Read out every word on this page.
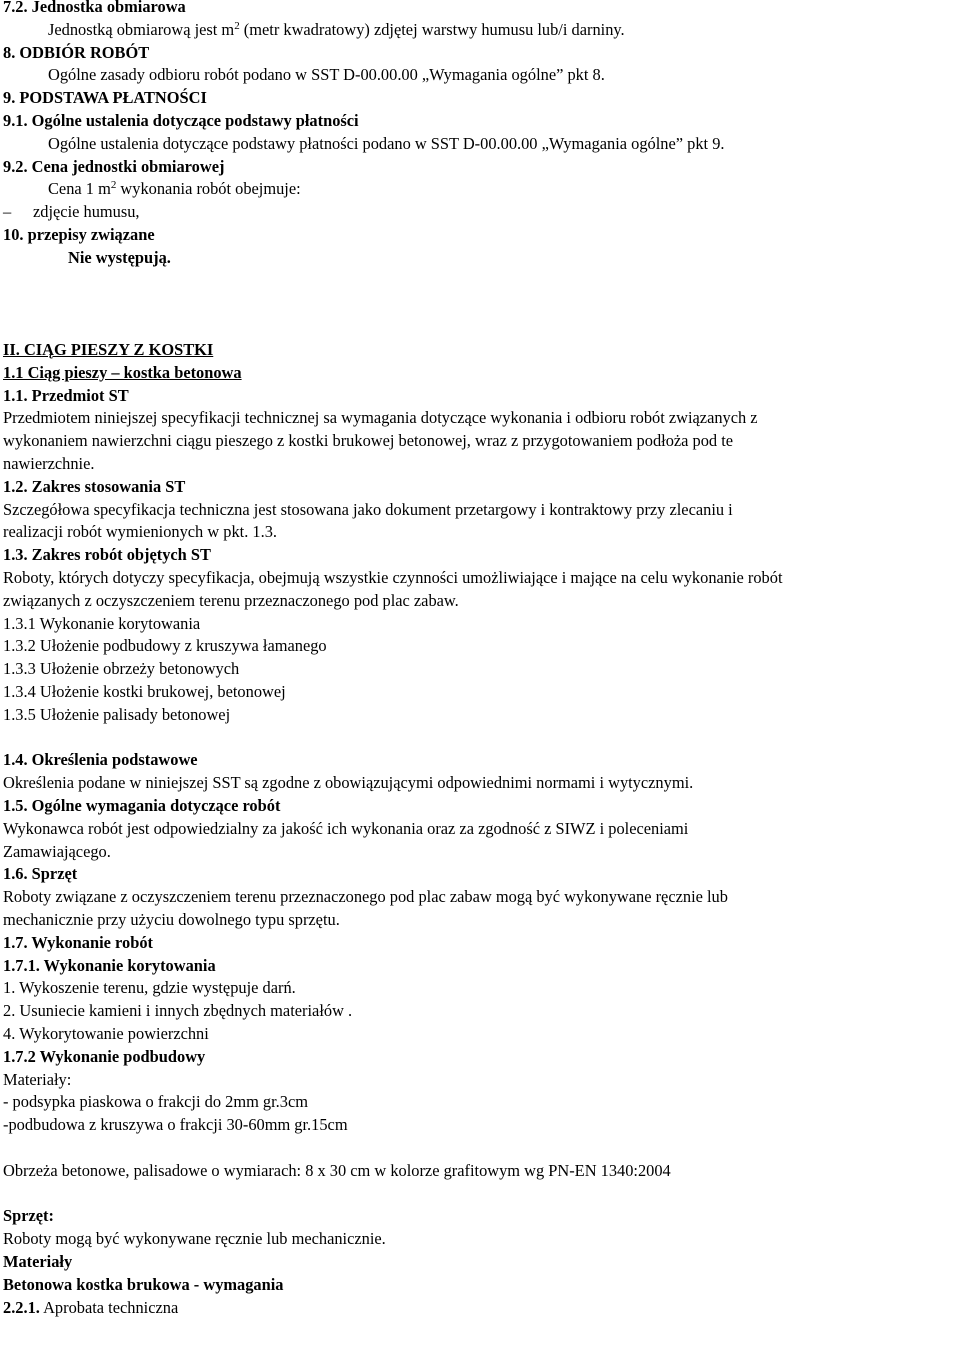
7.2. Jednostka obmiarowa
Jednostką obmiarową jest $m^2$ (metr kwadratowy) zdjętej warstwy humusu lub/i darniny.
8. ODBIÓR ROBÓT
Ogólne zasady odbioru robót podano w SST D-00.00.00 „Wymagania ogólne” pkt 8.
9. PODSTAWA PŁATNOŚCI
9.1. Ogólne ustalenia dotyczące podstawy płatności
Ogólne ustalenia dotyczące podstawy płatności podano w SST D-00.00.00 „Wymagania ogólne” pkt 9.
9.2. Cena jednostki obmiarowej
Cena 1 $m^2$ wykonania robót obejmuje:
– zdjęcie humusu,
10. przepisy związane
Nie występują.
II. CIĄG PIESZY Z KOSTKI
1.1 Ciąg pieszy – kostka betonowa
1.1. Przedmiot ST
Przedmiotem niniejszej specyfikacji technicznej sa wymagania dotyczące wykonania i odbioru robót związanych z
wykonaniem nawierzchni ciągu pieszego z kostki brukowej betonowej, wraz z przygotowaniem podłoża pod te
nawierzchnie.
1.2. Zakres stosowania ST
Szczegółowa specyfikacja techniczna jest stosowana jako dokument przetargowy i kontraktowy przy zlecaniu i
realizacji robót wymienionych w pkt. 1.3.
1.3. Zakres robót objętych ST
Roboty, których dotyczy specyfikacja, obejmują wszystkie czynności umożliwiające i mające na celu wykonanie robót
związanych z oczyszczeniem terenu przeznaczonego pod plac zabaw.
1.3.1 Wykonanie korytowania
1.3.2 Ułożenie podbudowy z kruszywa łamanego
1.3.3 Ułożenie obrzeży betonowych
1.3.4 Ułożenie kostki brukowej, betonowej
1.3.5 Ułożenie palisady betonowej
1.4. Określenia podstawowe
Określenia podane w niniejszej SST są zgodne z obowiązującymi odpowiednimi normami i wytycznymi.
1.5. Ogólne wymagania dotyczące robót
Wykonawca robót jest odpowiedzialny za jakość ich wykonania oraz za zgodność z SIWZ i poleceniami
Zamawiającego.
1.6. Sprzęt
Roboty związane z oczyszczeniem terenu przeznaczonego pod plac zabaw mogą być wykonywane ręcznie lub
mechanicznie przy użyciu dowolnego typu sprzętu.
1.7. Wykonanie robót
1.7.1. Wykonanie korytowania
1. Wykoszenie terenu, gdzie występuje darń.
2. Usuniecie kamieni i innych zbędnych materiałów .
4. Wykorytowanie powierzchni
1.7.2 Wykonanie podbudowy
Materiały:
- podsypka piaskowa o frakcji do 2mm gr.3cm
-podbudowa z kruszywa o frakcji 30-60mm gr.15cm
Obrzeża betonowe, palisadowe o wymiarach: 8 x 30 cm w kolorze grafitowym wg PN-EN 1340:2004
Sprzęt:
Roboty mogą być wykonywane ręcznie lub mechanicznie.
Materiały
Betonowa kostka brukowa - wymagania
2.2.1. Aprobata techniczna
